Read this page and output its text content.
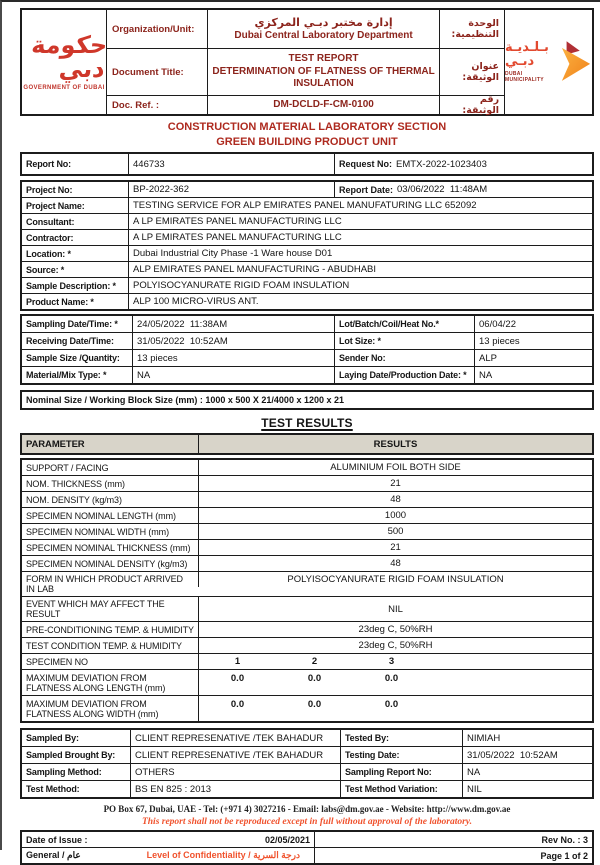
حكومة دبي
GOVERNMENT OF DUBAI
Organization/Unit:
إدارة مختبر دبـي المركزي
Dubai Central Laboratory Department
الوحدة التنظيمية:
Document Title:
TEST REPORT
DETERMINATION OF FLATNESS OF THERMAL INSULATION
عنوان الوثيقة:
Doc. Ref. :	DM-DCLD-F-CM-0100	رقم الوثيقة:
بـلـديـة دبـي
DUBAI MUNICIPALITY
CONSTRUCTION MATERIAL LABORATORY SECTION
GREEN BUILDING PRODUCT UNIT
Report No:	446733	Request No: EMTX-2022-1023403
Project No:	BP-2022-362	Report Date: 03/06/2022  11:48AM
Project Name:	TESTING SERVICE FOR ALP EMIRATES PANEL MANUFATURING LLC 652092
Consultant:	A LP EMIRATES PANEL MANUFACTURING LLC
Contractor:	A LP EMIRATES PANEL MANUFACTURING LLC
Location: *	Dubai Industrial City Phase -1 Ware house D01
Source: *	ALP EMIRATES PANEL MANUFACTURING - ABUDHABI
Sample Description: *	POLYISOCYANURATE RIGID FOAM INSULATION
Product Name: *	ALP 100 MICRO-VIRUS ANT.
Sampling Date/Time: *	24/05/2022  11:38AM	Lot/Batch/Coil/Heat No.*	06/04/22
Receiving Date/Time:	31/05/2022  10:52AM	Lot Size: *	13 pieces
Sample Size /Quantity:	13 pieces	Sender No:	ALP
Material/Mix Type: *	NA	Laying Date/Production Date: *	NA
Nominal Size / Working Block Size (mm) : 1000 x 500 X 21/4000 x 1200 x 21
TEST RESULTS
PARAMETER	RESULTS
SUPPORT / FACING	ALUMINIUM FOIL BOTH SIDE
NOM. THICKNESS (mm)	21
NOM. DENSITY (kg/m3)	48
SPECIMEN NOMINAL LENGTH (mm)	1000
SPECIMEN NOMINAL WIDTH (mm)	500
SPECIMEN NOMINAL THICKNESS (mm)	21
SPECIMEN NOMINAL DENSITY (kg/m3)	48
FORM IN WHICH PRODUCT ARRIVED IN LAB
POLYISOCYANURATE RIGID FOAM INSULATION
EVENT WHICH MAY AFFECT THE RESULT	NIL
PRE-CONDITIONING TEMP. & HUMIDITY	23deg C, 50%RH
TEST CONDITION TEMP. & HUMIDITY	23deg C, 50%RH
SPECIMEN NO	1	2	3
MAXIMUM DEVIATION FROM FLATNESS ALONG LENGTH (mm)
0.0	0.0	0.0
MAXIMUM DEVIATION FROM FLATNESS ALONG WIDTH (mm)
0.0	0.0	0.0
Sampled By:	CLIENT REPRESENATIVE /TEK BAHADUR	Tested By:	NIMIAH
Sampled Brought By:	CLIENT REPRESENATIVE /TEK BAHADUR	Testing Date:	31/05/2022  10:52AM
Sampling Method:	OTHERS	Sampling Report No:	NA
Test Method:	BS EN 825 : 2013	Test Method Variation:	NIL
PO Box 67, Dubai, UAE - Tel: (+971 4) 3027216 - Email: labs@dm.gov.ae - Website: http://www.dm.gov.ae
This report shall not be reproduced except in full without approval of the laboratory.
Date of Issue :	02/05/2021	Rev No. : 3
General / عام	Level of Confidentiality / درجة السرية	Page 1 of 2
